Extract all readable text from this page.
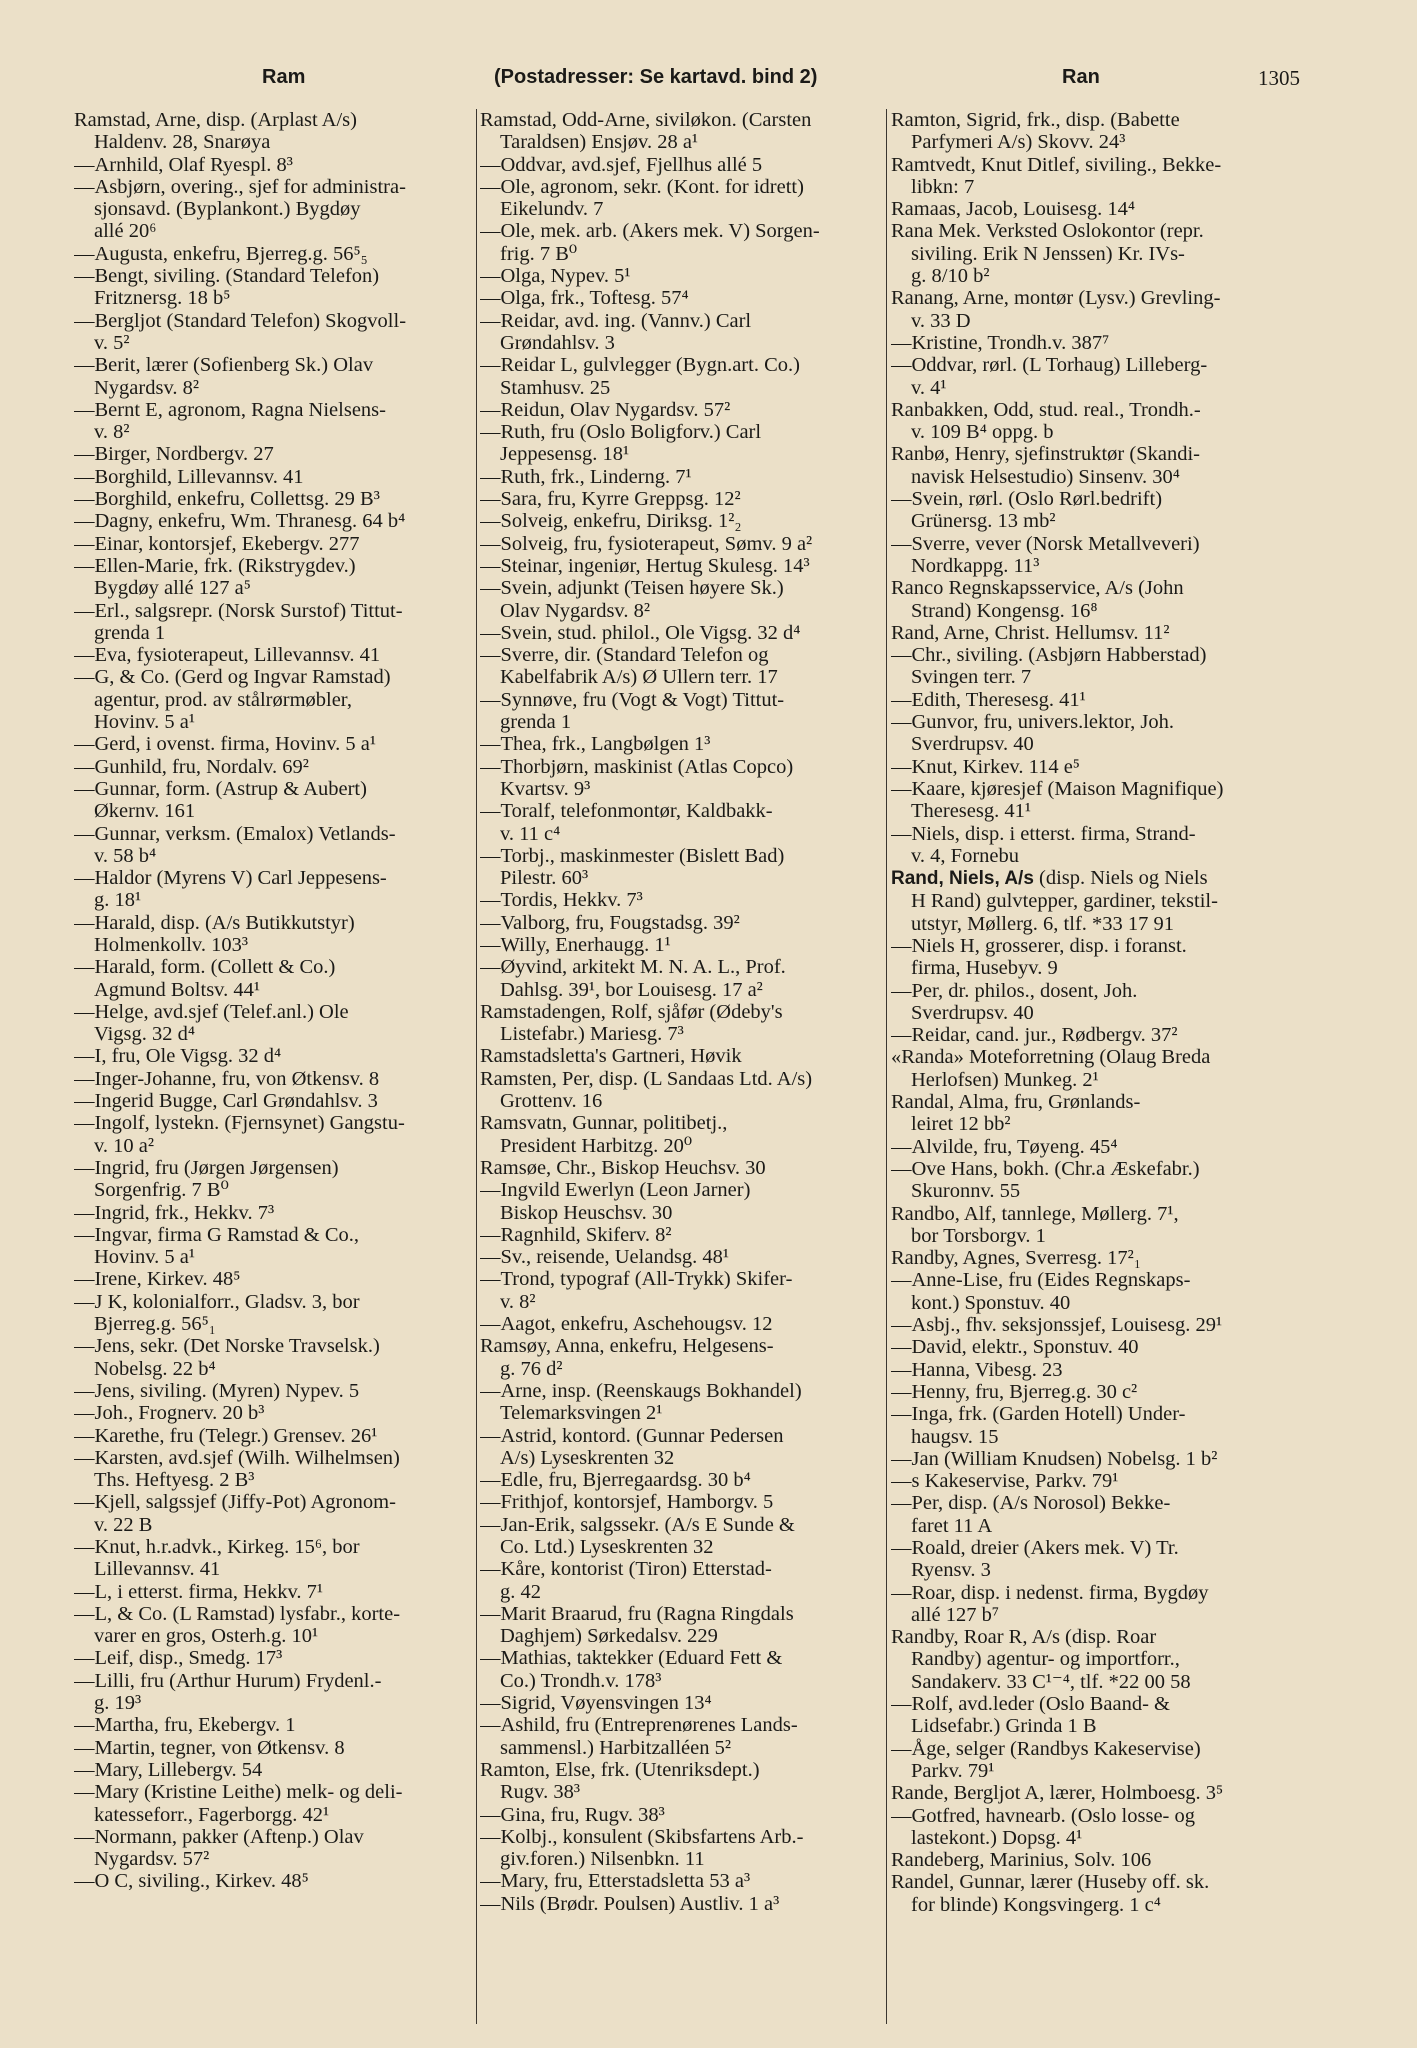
Ram	(Postadresser: Se kartavd. bind 2)	Ran	1305
Ramstad, Arne, disp. (Arplast A/s)
Haldenv. 28, Snarøya
—Arnhild, Olaf Ryespl. 8³
—Asbjørn, overing., sjef for administra-
sjonsavd. (Byplankont.) Bygdøy
allé 20⁶
—Augusta, enkefru, Bjerreg.g. 56⁵₅
—Bengt, siviling. (Standard Telefon)
Fritznersg. 18 b⁵
—Bergljot (Standard Telefon) Skogvoll-
v. 5²
—Berit, lærer (Sofienberg Sk.) Olav
Nygardsv. 8²
—Bernt E, agronom, Ragna Nielsens-
v. 8²
—Birger, Nordbergv. 27
—Borghild, Lillevannsv. 41
—Borghild, enkefru, Collettsg. 29 B³
—Dagny, enkefru, Wm. Thranesg. 64 b⁴
—Einar, kontorsjef, Ekebergv. 277
—Ellen-Marie, frk. (Rikstrygdev.)
Bygdøy allé 127 a⁵
—Erl., salgsrepr. (Norsk Surstof) Tittut-
grenda 1
—Eva, fysioterapeut, Lillevannsv. 41
—G, & Co. (Gerd og Ingvar Ramstad)
agentur, prod. av stålrørmøbler,
Hovinv. 5 a¹
—Gerd, i ovenst. firma, Hovinv. 5 a¹
—Gunhild, fru, Nordalv. 69²
—Gunnar, form. (Astrup & Aubert)
Økernv. 161
—Gunnar, verksm. (Emalox) Vetlands-
v. 58 b⁴
—Haldor (Myrens V) Carl Jeppesens-
g. 18¹
—Harald, disp. (A/s Butikkutstyr)
Holmenkollv. 103³
—Harald, form. (Collett & Co.)
Agmund Boltsv. 44¹
—Helge, avd.sjef (Telef.anl.) Ole
Vigsg. 32 d⁴
—I, fru, Ole Vigsg. 32 d⁴
—Inger-Johanne, fru, von Øtkensv. 8
—Ingerid Bugge, Carl Grøndahlsv. 3
—Ingolf, lystekn. (Fjernsynet) Gangstu-
v. 10 a²
—Ingrid, fru (Jørgen Jørgensen)
Sorgenfrig. 7 B⁰
—Ingrid, frk., Hekkv. 7³
—Ingvar, firma G Ramstad & Co.,
Hovinv. 5 a¹
—Irene, Kirkev. 48⁵
—J K, kolonialforr., Gladsv. 3, bor
Bjerreg.g. 56⁵₁
—Jens, sekr. (Det Norske Travselsk.)
Nobelsg. 22 b⁴
—Jens, siviling. (Myren) Nypev. 5
—Joh., Frognerv. 20 b³
—Karethe, fru (Telegr.) Grensev. 26¹
—Karsten, avd.sjef (Wilh. Wilhelmsen)
Ths. Heftyesg. 2 B³
—Kjell, salgssjef (Jiffy-Pot) Agronom-
v. 22 B
—Knut, h.r.advk., Kirkeg. 15⁶, bor
Lillevannsv. 41
—L, i etterst. firma, Hekkv. 7¹
—L, & Co. (L Ramstad) lysfabr., korte-
varer en gros, Osterh.g. 10¹
—Leif, disp., Smedg. 17³
—Lilli, fru (Arthur Hurum) Frydenl.-
g. 19³
—Martha, fru, Ekebergv. 1
—Martin, tegner, von Øtkensv. 8
—Mary, Lillebergv. 54
—Mary (Kristine Leithe) melk- og deli-
katesseforr., Fagerborgg. 42¹
—Normann, pakker (Aftenp.) Olav
Nygardsv. 57²
—O C, siviling., Kirkev. 48⁵
Ramstad, Odd-Arne, siviløkon. (Carsten
Taraldsen) Ensjøv. 28 a¹
—Oddvar, avd.sjef, Fjellhus allé 5
—Ole, agronom, sekr. (Kont. for idrett)
Eikelundv. 7
—Ole, mek. arb. (Akers mek. V) Sorgen-
frig. 7 B⁰
—Olga, Nypev. 5¹
—Olga, frk., Toftesg. 57⁴
—Reidar, avd. ing. (Vannv.) Carl
Grøndahlsv. 3
—Reidar L, gulvlegger (Bygn.art. Co.)
Stamhusv. 25
—Reidun, Olav Nygardsv. 57²
—Ruth, fru (Oslo Boligforv.) Carl
Jeppesensg. 18¹
—Ruth, frk., Linderng. 7¹
—Sara, fru, Kyrre Greppsg. 12²
—Solveig, enkefru, Diriksg. 1²₂
—Solveig, fru, fysioterapeut, Sømv. 9 a²
—Steinar, ingeniør, Hertug Skulesg. 14³
—Svein, adjunkt (Teisen høyere Sk.)
Olav Nygardsv. 8²
—Svein, stud. philol., Ole Vigsg. 32 d⁴
—Sverre, dir. (Standard Telefon og
Kabelfabrik A/s) Ø Ullern terr. 17
—Synnøve, fru (Vogt & Vogt) Tittut-
grenda 1
—Thea, frk., Langbølgen 1³
—Thorbjørn, maskinist (Atlas Copco)
Kvartsv. 9³
—Toralf, telefonmontør, Kaldbakk-
v. 11 c⁴
—Torbj., maskinmester (Bislett Bad)
Pilestr. 60³
—Tordis, Hekkv. 7³
—Valborg, fru, Fougstadsg. 39²
—Willy, Enerhaugg. 1¹
—Øyvind, arkitekt M. N. A. L., Prof.
Dahlsg. 39¹, bor Louisesg. 17 a²
Ramstadengen, Rolf, sjåfør (Ødeby's
Listefabr.) Mariesg. 7³
Ramstadsletta's Gartneri, Høvik
Ramsten, Per, disp. (L Sandaas Ltd. A/s)
Grottenv. 16
Ramsvatn, Gunnar, politibetj.,
President Harbitzg. 20⁰
Ramsøe, Chr., Biskop Heuchsv. 30
—Ingvild Ewerlyn (Leon Jarner)
Biskop Heuschsv. 30
—Ragnhild, Skiferv. 8²
—Sv., reisende, Uelandsg. 48¹
—Trond, typograf (All-Trykk) Skifer-
v. 8²
—Aagot, enkefru, Aschehougsv. 12
Ramsøy, Anna, enkefru, Helgesens-
g. 76 d²
—Arne, insp. (Reenskaugs Bokhandel)
Telemarksvingen 2¹
—Astrid, kontord. (Gunnar Pedersen
A/s) Lyseskrenten 32
—Edle, fru, Bjerregaardsg. 30 b⁴
—Frithjof, kontorsjef, Hamborgv. 5
—Jan-Erik, salgssekr. (A/s E Sunde &
Co. Ltd.) Lyseskrenten 32
—Kåre, kontorist (Tiron) Etterstad-
g. 42
—Marit Braarud, fru (Ragna Ringdals
Daghjem) Sørkedalsv. 229
—Mathias, taktekker (Eduard Fett &
Co.) Trondh.v. 178³
—Sigrid, Vøyensvingen 13⁴
—Ashild, fru (Entreprenørenes Lands-
sammensl.) Harbitzalléen 5²
Ramton, Else, frk. (Utenriksdept.)
Rugv. 38³
—Gina, fru, Rugv. 38³
—Kolbj., konsulent (Skibsfartens Arb.-
giv.foren.) Nilsenbkn. 11
—Mary, fru, Etterstadsletta 53 a³
—Nils (Brødr. Poulsen) Austliv. 1 a³
Ramton, Sigrid, frk., disp. (Babette
Parfymeri A/s) Skovv. 24³
Ramtvedt, Knut Ditlef, siviling., Bekke-
libkn: 7
Ramaas, Jacob, Louisesg. 14⁴
Rana Mek. Verksted Oslokontor (repr.
siviling. Erik N Jenssen) Kr. IVs-
g. 8/10 b²
Ranang, Arne, montør (Lysv.) Grevling-
v. 33 D
—Kristine, Trondh.v. 387⁷
—Oddvar, rørl. (L Torhaug) Lilleberg-
v. 4¹
Ranbakken, Odd, stud. real., Trondh.-
v. 109 B⁴ oppg. b
Ranbø, Henry, sjefinstruktør (Skandi-
navisk Helsestudio) Sinsenv. 30⁴
—Svein, rørl. (Oslo Rørl.bedrift)
Grünersg. 13 mb²
—Sverre, vever (Norsk Metallveveri)
Nordkappg. 11³
Ranco Regnskapsservice, A/s (John
Strand) Kongensg. 16⁸
Rand, Arne, Christ. Hellumsv. 11²
—Chr., siviling. (Asbjørn Habberstad)
Svingen terr. 7
—Edith, Theresesg. 41¹
—Gunvor, fru, univers.lektor, Joh.
Sverdrupsv. 40
—Knut, Kirkev. 114 e⁵
—Kaare, kjøresjef (Maison Magnifique)
Theresesg. 41¹
—Niels, disp. i etterst. firma, Strand-
v. 4, Fornebu
Rand, Niels, A/s (disp. Niels og Niels
H Rand) gulvtepper, gardiner, tekstil-
utstyr, Møllerg. 6, tlf. *33 17 91
—Niels H, grosserer, disp. i foranst.
firma, Husebyv. 9
—Per, dr. philos., dosent, Joh.
Sverdrupsv. 40
—Reidar, cand. jur., Rødbergv. 37²
«Randa» Moteforretning (Olaug Breda
Herlofsen) Munkeg. 2¹
Randal, Alma, fru, Grønlands-
leiret 12 bb²
—Alvilde, fru, Tøyeng. 45⁴
—Ove Hans, bokh. (Chr.a Æskefabr.)
Skuronnv. 55
Randbo, Alf, tannlege, Møllerg. 7¹,
bor Torsborgv. 1
Randby, Agnes, Sverresg. 17²₁
—Anne-Lise, fru (Eides Regnskaps-
kont.) Sponstuv. 40
—Asbj., fhv. seksjonssjef, Louisesg. 29¹
—David, elektr., Sponstuv. 40
—Hanna, Vibesg. 23
—Henny, fru, Bjerreg.g. 30 c²
—Inga, frk. (Garden Hotell) Under-
haugsv. 15
—Jan (William Knudsen) Nobelsg. 1 b²
—s Kakeservise, Parkv. 79¹
—Per, disp. (A/s Norosol) Bekke-
faret 11 A
—Roald, dreier (Akers mek. V) Tr.
Ryensv. 3
—Roar, disp. i nedenst. firma, Bygdøy
allé 127 b⁷
Randby, Roar R, A/s (disp. Roar
Randby) agentur- og importforr.,
Sandakerv. 33 C¹⁻⁴, tlf. *22 00 58
—Rolf, avd.leder (Oslo Baand- &
Lidsefabr.) Grinda 1 B
—Åge, selger (Randbys Kakeservise)
Parkv. 79¹
Rande, Bergljot A, lærer, Holmboesg. 3⁵
—Gotfred, havnearb. (Oslo losse- og
lastekont.) Dopsg. 4¹
Randeberg, Marinius, Solv. 106
Randel, Gunnar, lærer (Huseby off. sk.
for blinde) Kongsvingerg. 1 c⁴
